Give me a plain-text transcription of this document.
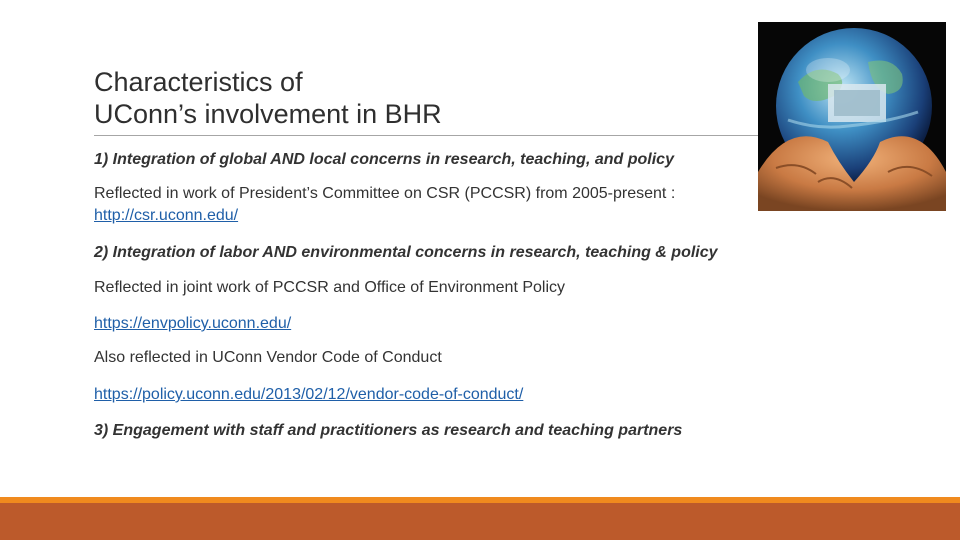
Characteristics of
UConn’s involvement in BHR
1) Integration of global AND local concerns in research, teaching, and policy
Reflected in work of President’s Committee on CSR (PCCSR) from 2005-present :
http://csr.uconn.edu/
2) Integration of labor AND environmental concerns in research, teaching & policy
Reflected in joint work of PCCSR and Office of Environment Policy
https://envpolicy.uconn.edu/
Also reflected in UConn Vendor Code of Conduct
https://policy.uconn.edu/2013/02/12/vendor-code-of-conduct/
3) Engagement with staff and practitioners as research and teaching partners
